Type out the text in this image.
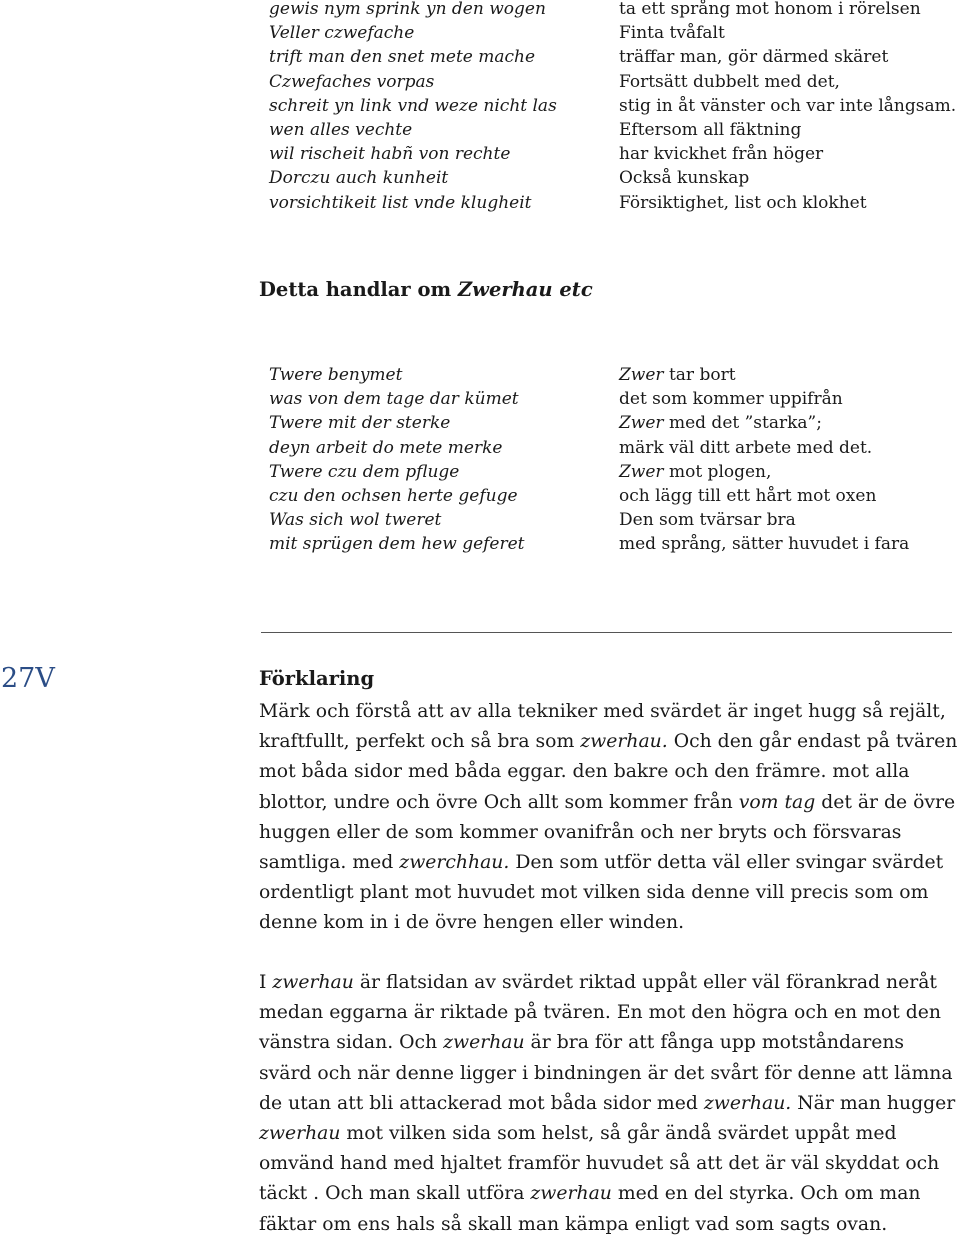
gewis nym sprink yn den wogen
Veller czwefache
trift man den snet mete mache
Czwefaches vorpas
schreit yn link vnd weze nicht las
wen alles vechte
wil rischeit habñ von rechte
Dorczu auch kunheit
vorsichtikeit list vnde klugheit
ta ett språng mot honom i rörelsen
Finta tvåfalt
träffar man, gör därmed skäret
Fortsätt dubbelt med det,
stig in åt vänster och var inte långsam.
Eftersom all fäktning
har kvickhet från höger
Också kunskap
Försiktighet, list och klokhet
Detta handlar om Zwerhau etc
Twere benymet
was von dem tage dar kümet
Twere mit der sterke
deyn arbeit do mete merke
Twere czu dem pfluge
czu den ochsen herte gefuge
Was sich wol tweret
mit sprügen dem hew geferet
Zwer tar bort
det som kommer uppifrån
Zwer med det ”starka”;
märk väl ditt arbete med det.
Zwer mot plogen,
och lägg till ett hårt mot oxen
Den som tvärsar bra
med språng, sätter huvudet i fara
27V	Förklaring
Märk och förstå att av alla tekniker med svärdet är inget hugg så rejält,
kraftfullt, perfekt och så bra som zwerhau. Och den går endast på tvären
mot båda sidor med båda eggar. den bakre och den främre. mot alla
blottor, undre och övre Och allt som kommer från vom tag det är de övre
huggen eller de som kommer ovanifrån och ner bryts och försvaras
samtliga. med zwerchhau. Den som utför detta väl eller svingar svärdet
ordentligt plant mot huvudet mot vilken sida denne vill precis som om
denne kom in i de övre hengen eller winden.
I zwerhau är flatsidan av svärdet riktad uppåt eller väl förankrad neråt
medan eggarna är riktade på tvären. En mot den högra och en mot den
vänstra sidan. Och zwerhau är bra för att fånga upp motståndarens
svärd och när denne ligger i bindningen är det svårt för denne att lämna
de utan att bli attackerad mot båda sidor med zwerhau. När man hugger
zwerhau mot vilken sida som helst, så går ändå svärdet uppåt med
omvänd hand med hjaltet framför huvudet så att det är väl skyddat och
täckt . Och man skall utföra zwerhau med en del styrka. Och om man
fäktar om ens hals så skall man kämpa enligt vad som sagts ovan.
